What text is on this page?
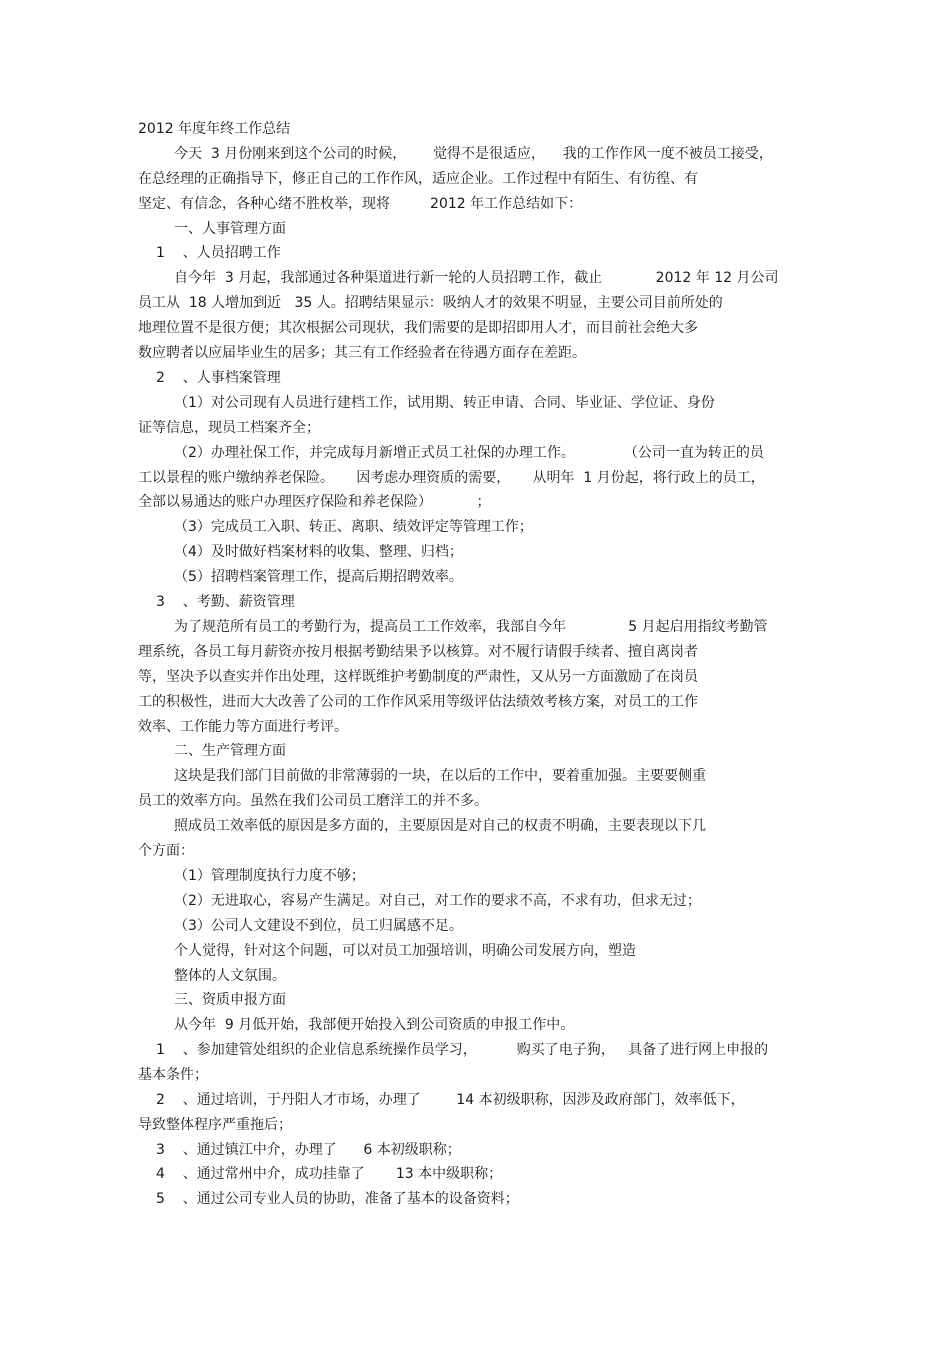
2012 年度年终工作总结
今天  3 月份刚来到这个公司的时候，      觉得不是很适应，    我的工作作风一度不被员工接受，
在总经理的正确指导下，修正自己的工作作风，适应企业。工作过程中有陌生、有彷徨、有
坚定、有信念，各种心绪不胜枚举，现将         2012 年工作总结如下：
一、人事管理方面
1    、人员招聘工作
自今年  3 月起，我部通过各种渠道进行新一轮的人员招聘工作，截止            2012 年 12 月公司
员工从  18 人增加到近   35 人。招聘结果显示：吸纳人才的效果不明显，主要公司目前所处的
地理位置不是很方便；其次根据公司现状，我们需要的是即招即用人才，而目前社会绝大多
数应聘者以应届毕业生的居多；其三有工作经验者在待遇方面存在差距。
2    、人事档案管理
（1）对公司现有人员进行建档工作，试用期、转正申请、合同、毕业证、学位证、身份
证等信息，现员工档案齐全；
（2）办理社保工作，并完成每月新增正式员工社保的办理工作。           （公司一直为转正的员
工以景程的账户缴纳养老保险。     因考虑办理资质的需要，     从明年  1 月份起，将行政上的员工，
全部以易通达的账户办理医疗保险和养老保险）          ；
（3）完成员工入职、转正、离职、绩效评定等管理工作；
（4）及时做好档案材料的收集、整理、归档；
（5）招聘档案管理工作，提高后期招聘效率。
3    、考勤、薪资管理
为了规范所有员工的考勤行为，提高员工工作效率，我部自今年              5 月起启用指纹考勤管
理系统，各员工每月薪资亦按月根据考勤结果予以核算。对不履行请假手续者、擅自离岗者
等，坚决予以查实并作出处理，这样既维护考勤制度的严肃性，又从另一方面激励了在岗员
工的积极性，进而大大改善了公司的工作作风采用等级评估法绩效考核方案，对员工的工作
效率、工作能力等方面进行考评。
二、生产管理方面
这块是我们部门目前做的非常薄弱的一块，在以后的工作中，要着重加强。主要要侧重
员工的效率方向。虽然在我们公司员工磨洋工的并不多。
照成员工效率低的原因是多方面的，主要原因是对自己的权责不明确，主要表现以下几
个方面：
（1）管理制度执行力度不够；
（2）无进取心，容易产生满足。对自己，对工作的要求不高，不求有功，但求无过；
（3）公司人文建设不到位，员工归属感不足。
个人觉得，针对这个问题，可以对员工加强培训，明确公司发展方向，塑造
整体的人文氛围。
三、资质申报方面
从今年  9 月低开始，我部便开始投入到公司资质的申报工作中。
1    、参加建管处组织的企业信息系统操作员学习，         购买了电子狗，   具备了进行网上申报的
基本条件；
2    、通过培训，于丹阳人才市场，办理了        14 本初级职称，因涉及政府部门，效率低下，
导致整体程序严重拖后；
3    、通过镇江中介，办理了      6 本初级职称；
4    、通过常州中介，成功挂靠了       13 本中级职称；
5    、通过公司专业人员的协助，准备了基本的设备资料；
